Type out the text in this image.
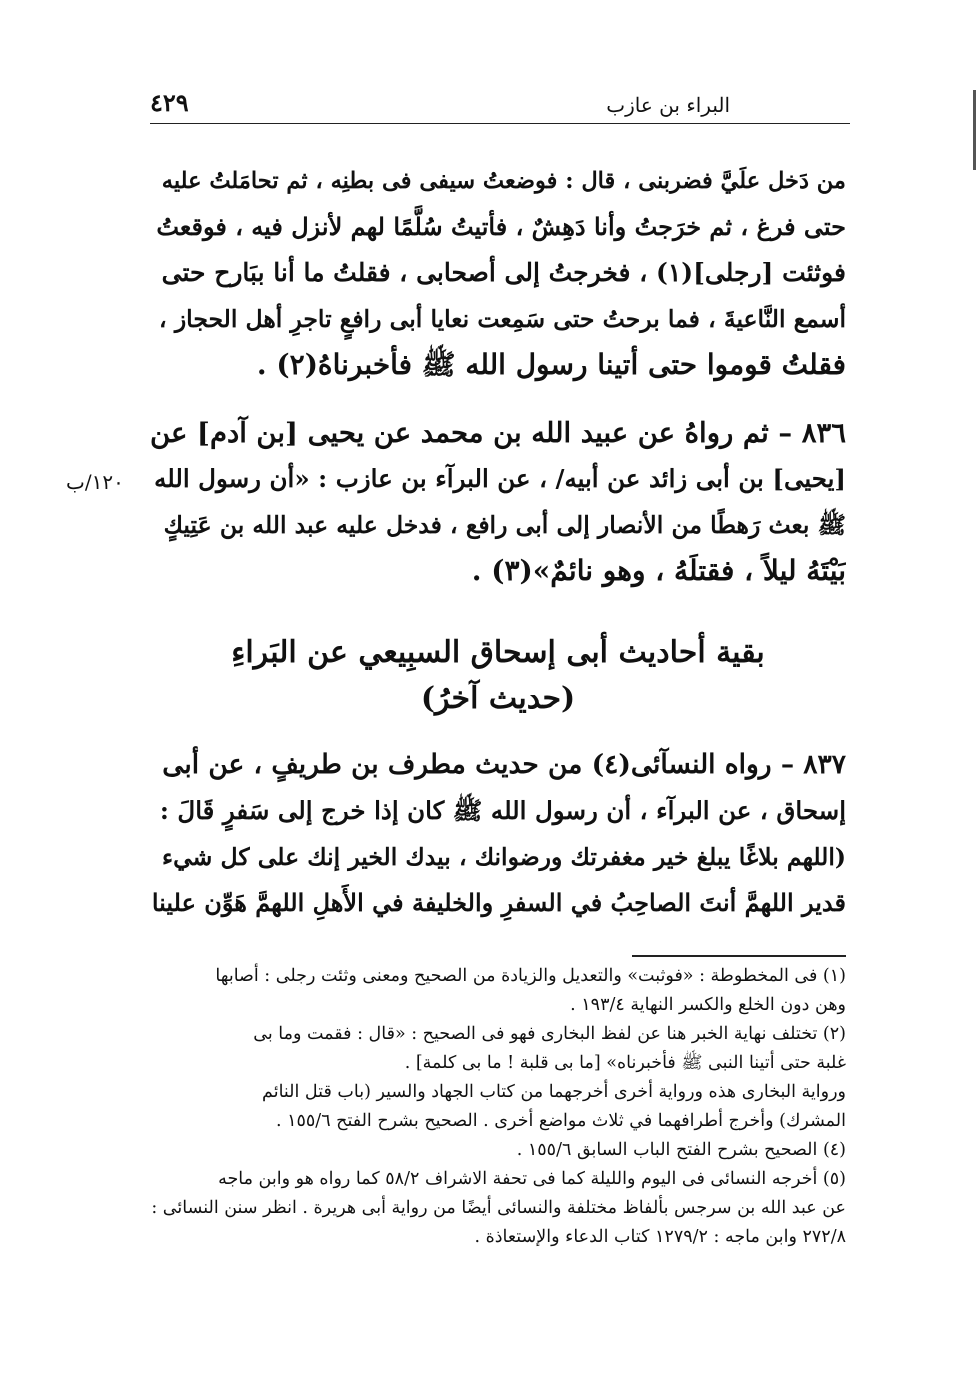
البراء بن عازب
٤٢٩
من دَخل علَيَّ فضربنى ، قال : فوضعتُ سيفى فى بطنِه ، ثم تحامَلتُ عليه
حتى فرغ ، ثم خرَجتُ وأنا دَهِشٌ ، فأتيتُ سُلَّمًا لهم لأنزل فيه ، فوقعتُ
فوثئت [رجلى](١) ، فخرجتُ إلى أصحابى ، فقلتُ ما أنا ببَارح حتى
أسمع النَّاعيةَ ، فما برحتُ حتى سَمِعت نعايا أبى رافعٍ تاجرِ أهل الحجاز ،
فقلتُ قوموا حتى أتينا رسول الله ﷺ فأخبرناهُ(٢) .
٨٣٦ – ثم رواهُ عن عبيد الله بن محمد عن يحيى [بن آدم] عن
[يحيى] بن أبى زائد عن أبيه/ ، عن البرآء بن عازب : «أن رسول الله
ﷺ بعث رَهطًا من الأنصار إلى أبى رافع ، فدخل عليه عبد الله بن عَتِيكٍ
بَيْتَهُ ليلاً ، فقتلَهُ ، وهو نائمٌ»(٣) .
١٢٠/ب
بقية أحاديث أبى إسحاق السبِيعي عن البَراءِ
(حديث آخرُ)
٨٣٧ – رواه النسآئى(٤) من حديث مطرف بن طريفٍ ، عن أبى
إسحاق ، عن البرآء ، أن رسول الله ﷺ كان إذا خرج إلى سَفرٍ قَالَ :
(اللهم بلاغًا يبلغ خير مغفرتك ورضوانك ، بيدك الخير إنك على كل شيء
قدير اللهمَّ أنتَ الصاحِبُ في السفرِ والخليفة في الأَهلِ اللهمَّ هَوِّن علينا
(١) فى المخطوطة : «فوثبت» والتعديل والزيادة من الصحيح ومعنى وثئت رجلى : أصابها
وهن دون الخلع والكسر النهاية ١٩٣/٤ .
(٢) تختلف نهاية الخبر هنا عن لفظ البخارى فهو فى الصحيح : «قال : فقمت وما بى
غلبة حتى أتينا النبى ﷺ فأخبرناه» [ما بى قلبة ! ما بى كلمة] .
ورواية البخارى هذه ورواية أخرى أخرجهما من كتاب الجهاد والسير (باب قتل النائم
المشرك) وأخرج أطرافهما في ثلاث مواضع أخرى . الصحيح بشرح الفتح ١٥٥/٦ .
(٤) الصحيح بشرح الفتح الباب السابق ١٥٥/٦ .
(٥) أخرجه النسائى فى اليوم والليلة كما فى تحفة الاشراف ٥٨/٢ كما رواه هو وابن ماجه
عن عبد الله بن سرجس بألفاظ مختلفة والنسائى أيضًا من رواية أبى هريرة . انظر سنن النسائى :
٢٧٢/٨ وابن ماجه : ١٢٧٩/٢ كتاب الدعاء والإستعاذة .
